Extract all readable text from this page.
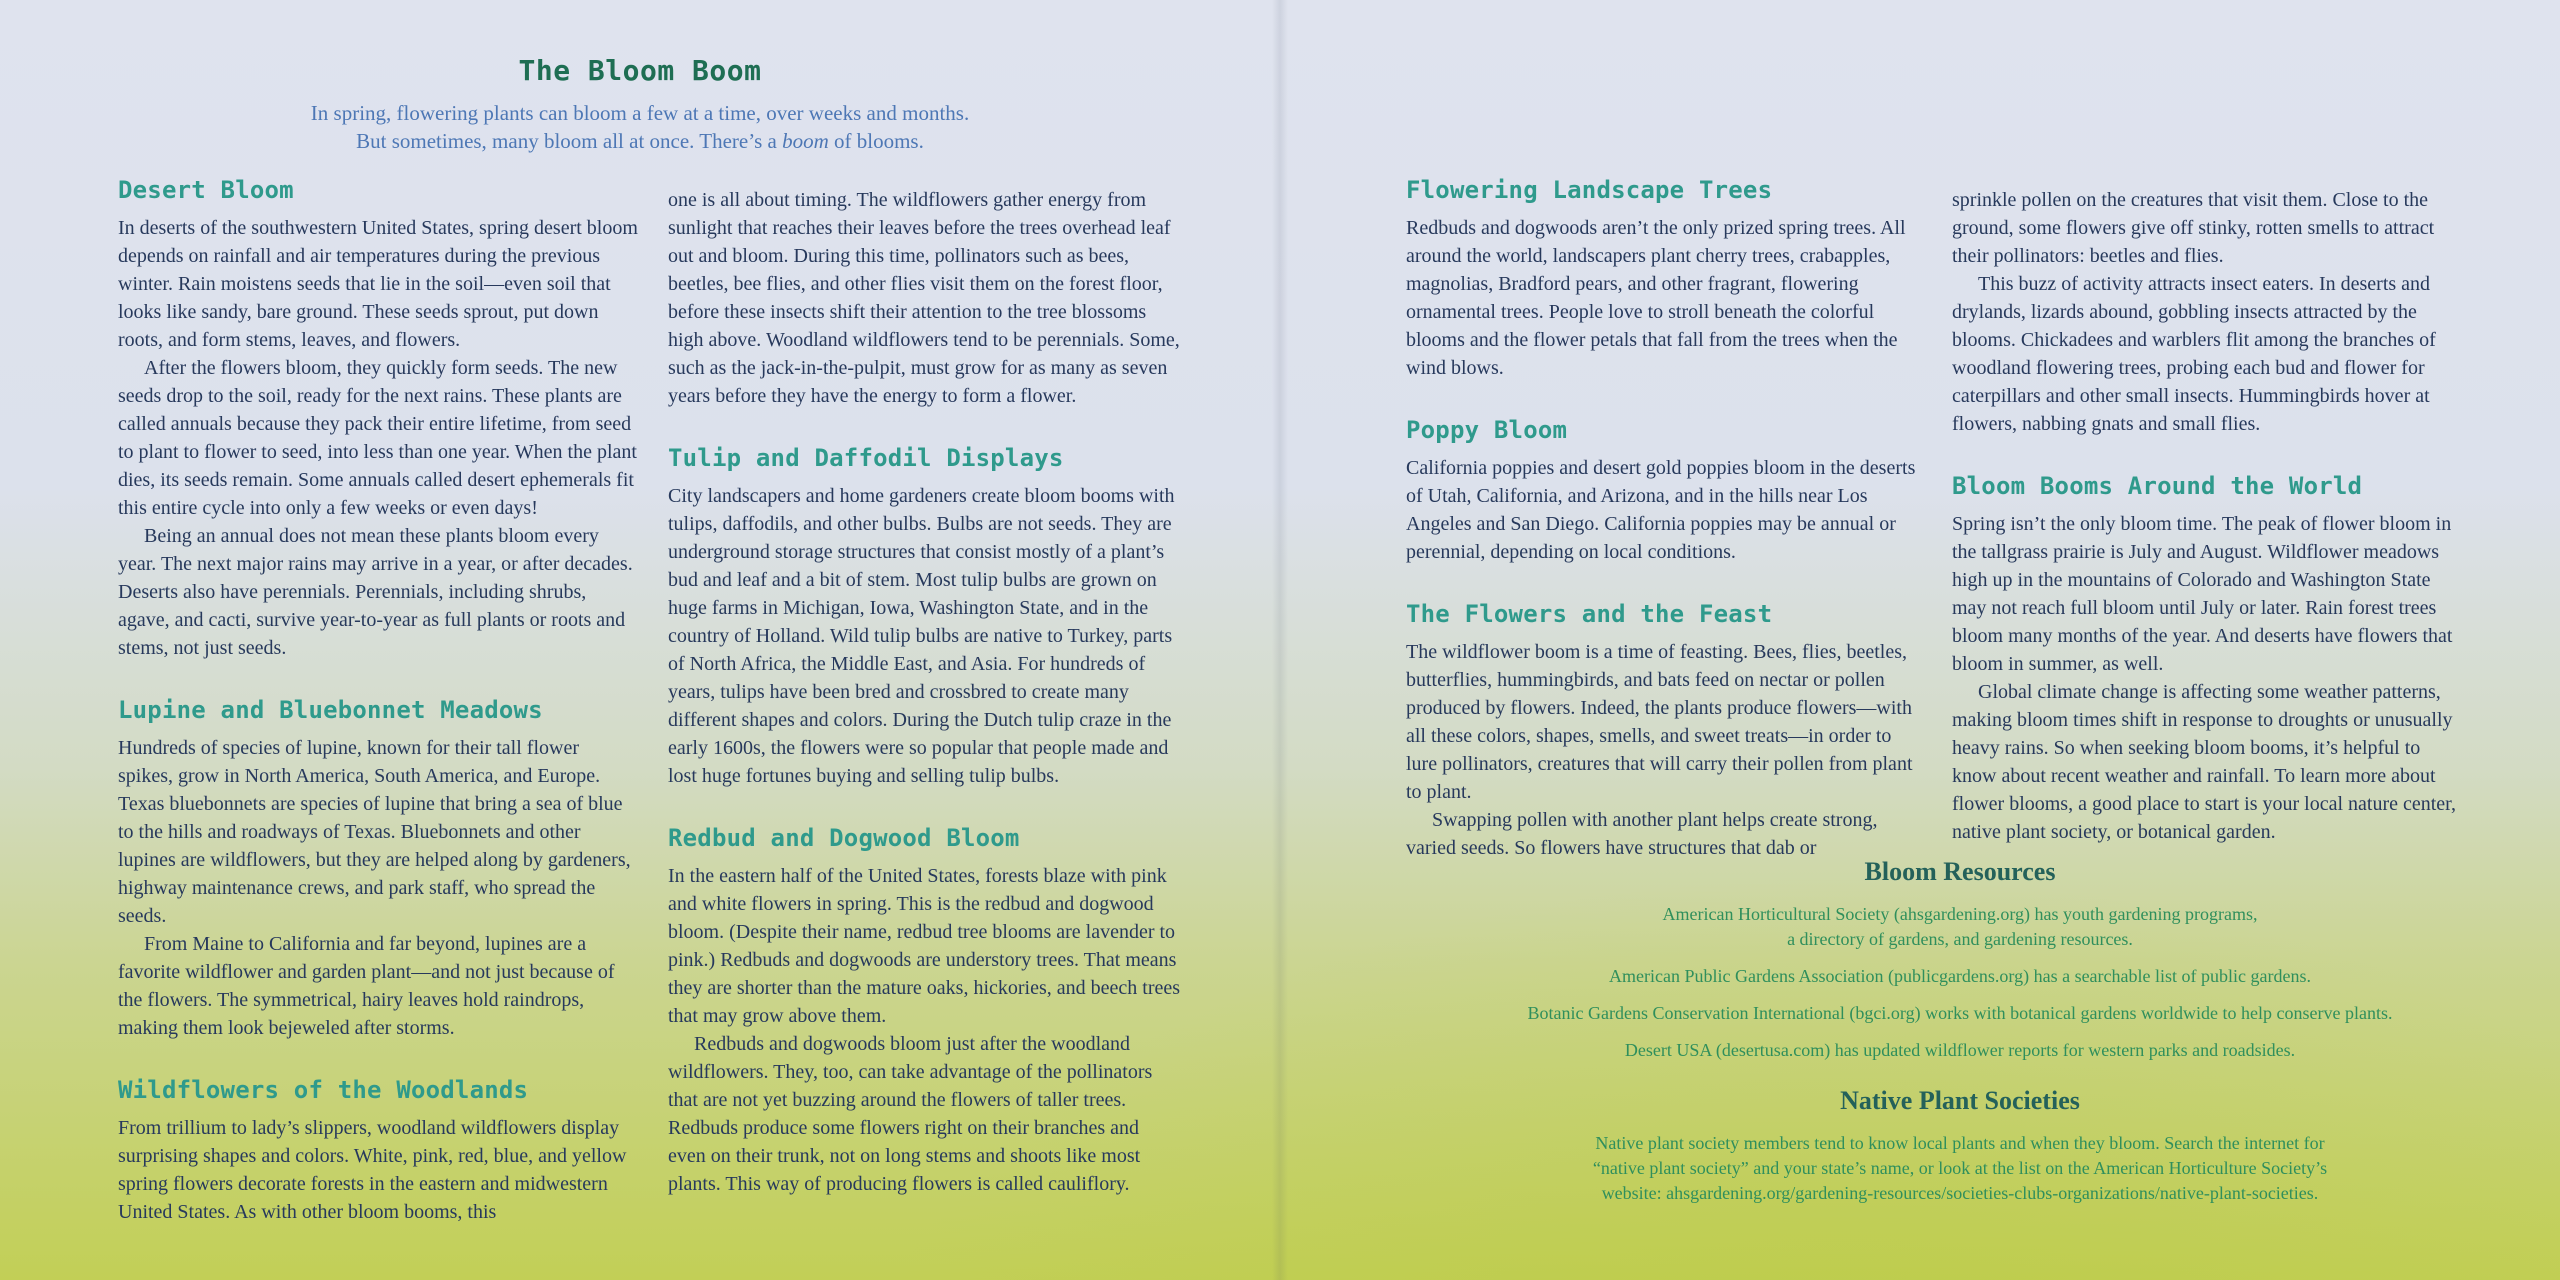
The Bloom Boom

In spring, flowering plants can bloom a few at a time, over weeks and months.
But sometimes, many bloom all at once. There’s a boom of blooms.

Desert Bloom

In deserts of the southwestern United States, spring desert bloom depends on rainfall and air temperatures during the previous winter. Rain moistens seeds that lie in the soil—even soil that looks like sandy, bare ground. These seeds sprout, put down roots, and form stems, leaves, and flowers.

After the flowers bloom, they quickly form seeds. The new seeds drop to the soil, ready for the next rains. These plants are called annuals because they pack their entire lifetime, from seed to plant to flower to seed, into less than one year. When the plant dies, its seeds remain. Some annuals called desert ephemerals fit this entire cycle into only a few weeks or even days!

Being an annual does not mean these plants bloom every year. The next major rains may arrive in a year, or after decades. Deserts also have perennials. Perennials, including shrubs, agave, and cacti, survive year-to-year as full plants or roots and stems, not just seeds.

Lupine and Bluebonnet Meadows

Hundreds of species of lupine, known for their tall flower spikes, grow in North America, South America, and Europe. Texas bluebonnets are species of lupine that bring a sea of blue to the hills and roadways of Texas. Bluebonnets and other lupines are wildflowers, but they are helped along by gardeners, highway maintenance crews, and park staff, who spread the seeds.

From Maine to California and far beyond, lupines are a favorite wildflower and garden plant—and not just because of the flowers. The symmetrical, hairy leaves hold raindrops, making them look bejeweled after storms.

Wildflowers of the Woodlands

From trillium to lady’s slippers, woodland wildflowers display surprising shapes and colors. White, pink, red, blue, and yellow spring flowers decorate forests in the eastern and midwestern United States. As with other bloom booms, this

one is all about timing. The wildflowers gather energy from sunlight that reaches their leaves before the trees overhead leaf out and bloom. During this time, pollinators such as bees, beetles, bee flies, and other flies visit them on the forest floor, before these insects shift their attention to the tree blossoms high above. Woodland wildflowers tend to be perennials. Some, such as the jack-in-the-pulpit, must grow for as many as seven years before they have the energy to form a flower.

Tulip and Daffodil Displays

City landscapers and home gardeners create bloom booms with tulips, daffodils, and other bulbs. Bulbs are not seeds. They are underground storage structures that consist mostly of a plant’s bud and leaf and a bit of stem. Most tulip bulbs are grown on huge farms in Michigan, Iowa, Washington State, and in the country of Holland. Wild tulip bulbs are native to Turkey, parts of North Africa, the Middle East, and Asia. For hundreds of years, tulips have been bred and crossbred to create many different shapes and colors. During the Dutch tulip craze in the early 1600s, the flowers were so popular that people made and lost huge fortunes buying and selling tulip bulbs.

Redbud and Dogwood Bloom

In the eastern half of the United States, forests blaze with pink and white flowers in spring. This is the redbud and dogwood bloom. (Despite their name, redbud tree blooms are lavender to pink.) Redbuds and dogwoods are understory trees. That means they are shorter than the mature oaks, hickories, and beech trees that may grow above them.

Redbuds and dogwoods bloom just after the woodland wildflowers. They, too, can take advantage of the pollinators that are not yet buzzing around the flowers of taller trees. Redbuds produce some flowers right on their branches and even on their trunk, not on long stems and shoots like most plants. This way of producing flowers is called cauliflory.

Flowering Landscape Trees

Redbuds and dogwoods aren’t the only prized spring trees. All around the world, landscapers plant cherry trees, crabapples, magnolias, Bradford pears, and other fragrant, flowering ornamental trees. People love to stroll beneath the colorful blooms and the flower petals that fall from the trees when the wind blows.

Poppy Bloom

California poppies and desert gold poppies bloom in the deserts of Utah, California, and Arizona, and in the hills near Los Angeles and San Diego. California poppies may be annual or perennial, depending on local conditions.

The Flowers and the Feast

The wildflower boom is a time of feasting. Bees, flies, beetles, butterflies, hummingbirds, and bats feed on nectar or pollen produced by flowers. Indeed, the plants produce flowers—with all these colors, shapes, smells, and sweet treats—in order to lure pollinators, creatures that will carry their pollen from plant to plant.

Swapping pollen with another plant helps create strong, varied seeds. So flowers have structures that dab or

sprinkle pollen on the creatures that visit them. Close to the ground, some flowers give off stinky, rotten smells to attract their pollinators: beetles and flies.

This buzz of activity attracts insect eaters. In deserts and drylands, lizards abound, gobbling insects attracted by the blooms. Chickadees and warblers flit among the branches of woodland flowering trees, probing each bud and flower for caterpillars and other small insects. Hummingbirds hover at flowers, nabbing gnats and small flies.

Bloom Booms Around the World

Spring isn’t the only bloom time. The peak of flower bloom in the tallgrass prairie is July and August. Wildflower meadows high up in the mountains of Colorado and Washington State may not reach full bloom until July or later. Rain forest trees bloom many months of the year. And deserts have flowers that bloom in summer, as well.

Global climate change is affecting some weather patterns, making bloom times shift in response to droughts or unusually heavy rains. So when seeking bloom booms, it’s helpful to know about recent weather and rainfall. To learn more about flower blooms, a good place to start is your local nature center, native plant society, or botanical garden.

Bloom Resources

American Horticultural Society (ahsgardening.org) has youth gardening programs,
a directory of gardens, and gardening resources.

American Public Gardens Association (publicgardens.org) has a searchable list of public gardens.

Botanic Gardens Conservation International (bgci.org) works with botanical gardens worldwide to help conserve plants.

Desert USA (desertusa.com) has updated wildflower reports for western parks and roadsides.

Native Plant Societies

Native plant society members tend to know local plants and when they bloom. Search the internet for
“native plant society” and your state’s name, or look at the list on the American Horticulture Society’s
website: ahsgardening.org/gardening-resources/societies-clubs-organizations/native-plant-societies.
